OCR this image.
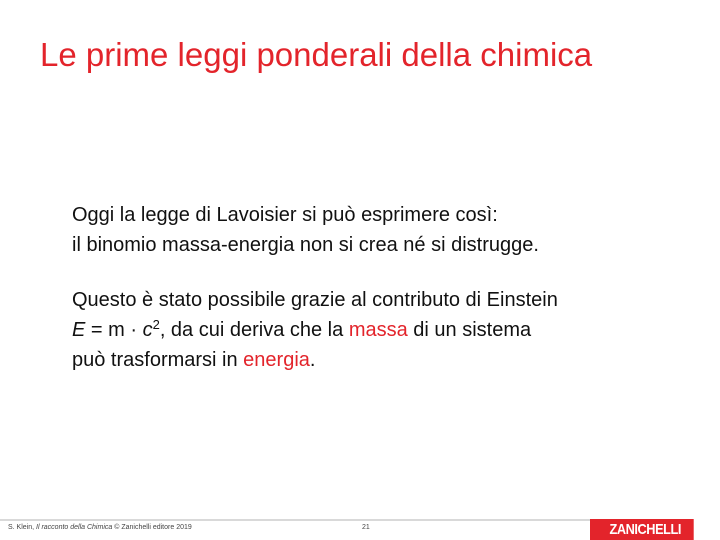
Le prime leggi ponderali della chimica

Oggi la legge di Lavoisier si può esprimere così:
il binomio massa-energia non si crea né si distrugge.

Questo è stato possibile grazie al contributo di Einstein
$E = m \cdot c^2$, da cui deriva che la massa di un sistema
può trasformarsi in energia.

S. Klein, Il racconto della Chimica © Zanichelli editore 2019	21	ZANICHELLI
